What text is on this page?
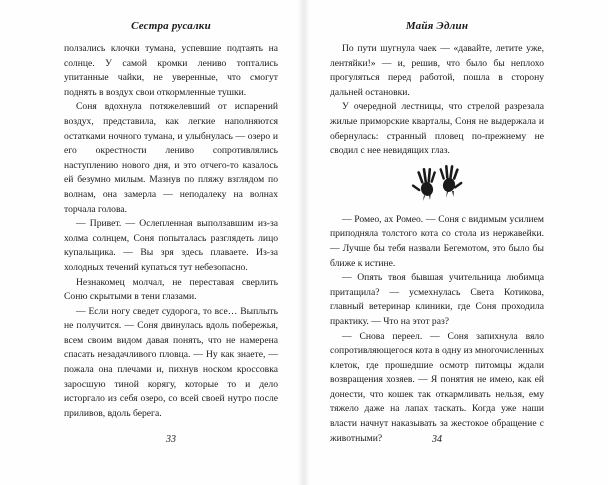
Сестра русалки

ползались клочки тумана, успевшие подтаять на солнце. У самой кромки лениво топтались упитанные чайки, не уверенные, что смогут поднять в воздух свои откормленные тушки.

Соня вдохнула потяжелевший от испарений воздух, представила, как легкие наполняются остатками ночного тумана, и улыбнулась — озеро и его окрестности лениво сопротивлялись наступлению нового дня, и это отчего-то казалось ей безумно милым. Мазнув по пляжу взглядом по волнам, она замерла — неподалеку на волнах торчала голова.

— Привет. — Ослепленная выползавшим из-за холма солнцем, Соня попыталась разглядеть лицо купальщика. — Вы зря здесь плаваете. Из-за холодных течений купаться тут небезопасно.

Незнакомец молчал, не переставая сверлить Соню скрытыми в тени глазами.

— Если ногу сведет судорога, то все… Выплыть не получится. — Соня двинулась вдоль побережья, всем своим видом давая понять, что не намерена спасать незадачливого пловца. — Ну как знаете, — пожала она плечами и, пихнув носком кроссовка заросшую тиной корягу, которые то и дело исторгало из себя озеро, со всей своей нутро после приливов, вдоль берега.

33
Майя Эдлин

По пути шугнула чаек — «давайте, летите уже, лентяйки!» — и, решив, что было бы неплохо прогуляться перед работой, пошла в сторону дальней остановки.

У очередной лестницы, что стрелой разрезала жилые приморские кварталы, Соня не выдержала и обернулась: странный пловец по-прежнему не сводил с нее невидящих глаз.

— Ромео, ах Ромео. — Соня с видимым усилием приподняла толстого кота со стола из нержавейки. — Лучше бы тебя назвали Бегемотом, это было бы ближе к истине.

— Опять твоя бывшая учительница любимца притащила? — усмехнулась Света Котикова, главный ветеринар клиники, где Соня проходила практику. — Что на этот раз?

— Снова переел. — Соня запихнула вяло сопротивляющегося кота в одну из многочисленных клеток, где прошедшие осмотр питомцы ждали возвращения хозяев. — Я понятия не имею, как ей донести, что кошек так откармливать нельзя, ему тяжело даже на лапах таскать. Когда уже наши власти начнут наказывать за жестокое обращение с животными?	34
